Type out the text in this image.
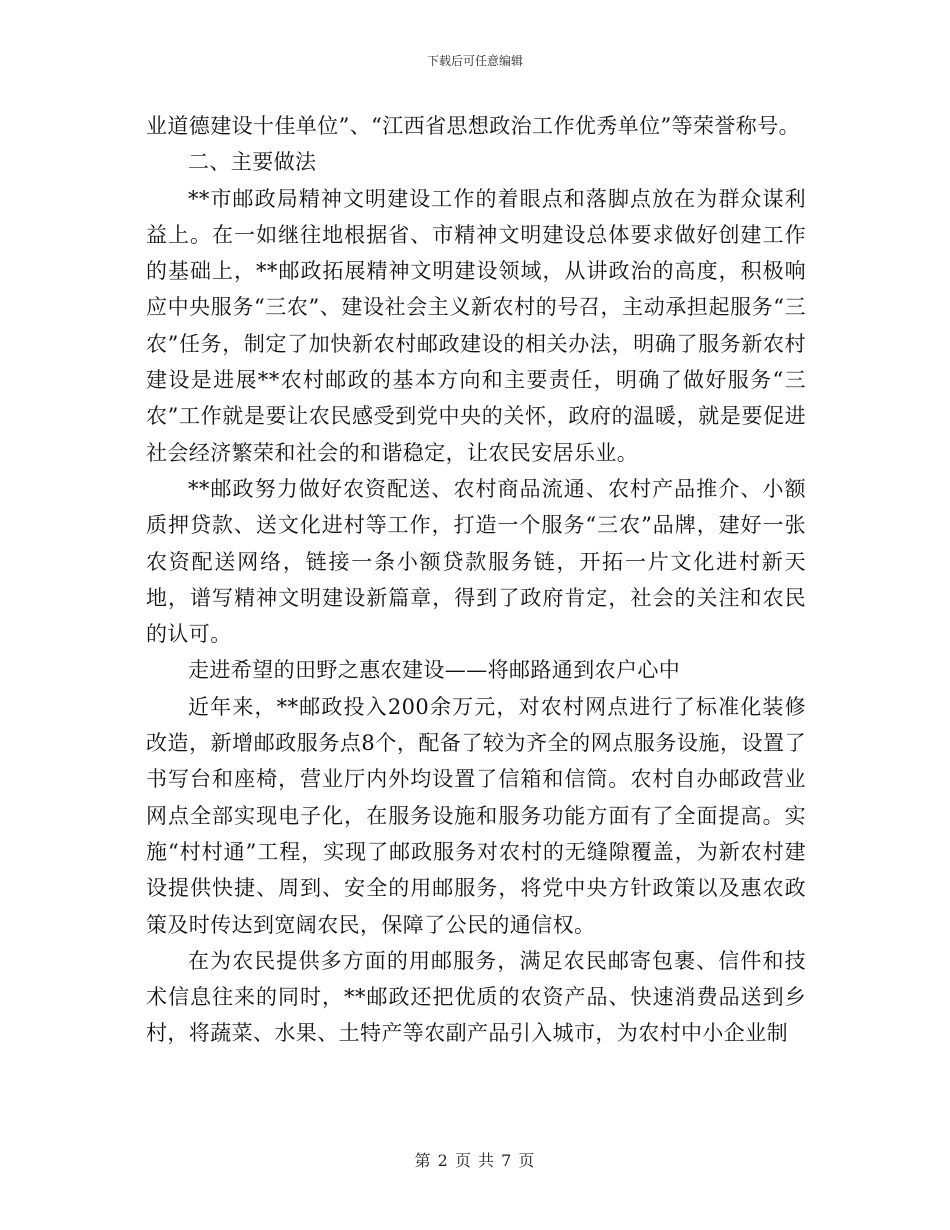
下载后可任意编辑

业道德建设十佳单位”、“江西省思想政治工作优秀单位”等荣誉称号。

二、主要做法

**市邮政局精神文明建设工作的着眼点和落脚点放在为群众谋利益上。在一如继往地根据省、市精神文明建设总体要求做好创建工作的基础上，**邮政拓展精神文明建设领域，从讲政治的高度，积极响应中央服务“三农”、建设社会主义新农村的号召，主动承担起服务“三农”任务，制定了加快新农村邮政建设的相关办法，明确了服务新农村建设是进展**农村邮政的基本方向和主要责任，明确了做好服务“三农”工作就是要让农民感受到党中央的关怀，政府的温暖，就是要促进社会经济繁荣和社会的和谐稳定，让农民安居乐业。

**邮政努力做好农资配送、农村商品流通、农村产品推介、小额质押贷款、送文化进村等工作，打造一个服务“三农”品牌，建好一张农资配送网络，链接一条小额贷款服务链，开拓一片文化进村新天地，谱写精神文明建设新篇章，得到了政府肯定，社会的关注和农民的认可。

走进希望的田野之惠农建设——将邮路通到农户心中

近年来，**邮政投入200余万元，对农村网点进行了标准化装修改造，新增邮政服务点8个，配备了较为齐全的网点服务设施，设置了书写台和座椅，营业厅内外均设置了信箱和信筒。农村自办邮政营业网点全部实现电子化，在服务设施和服务功能方面有了全面提高。实施“村村通”工程，实现了邮政服务对农村的无缝隙覆盖，为新农村建设提供快捷、周到、安全的用邮服务，将党中央方针政策以及惠农政策及时传达到宽阔农民，保障了公民的通信权。

在为农民提供多方面的用邮服务，满足农民邮寄包裹、信件和技术信息往来的同时，**邮政还把优质的农资产品、快速消费品送到乡村，将蔬菜、水果、土特产等农副产品引入城市，为农村中小企业制

第 2 页 共 7 页
